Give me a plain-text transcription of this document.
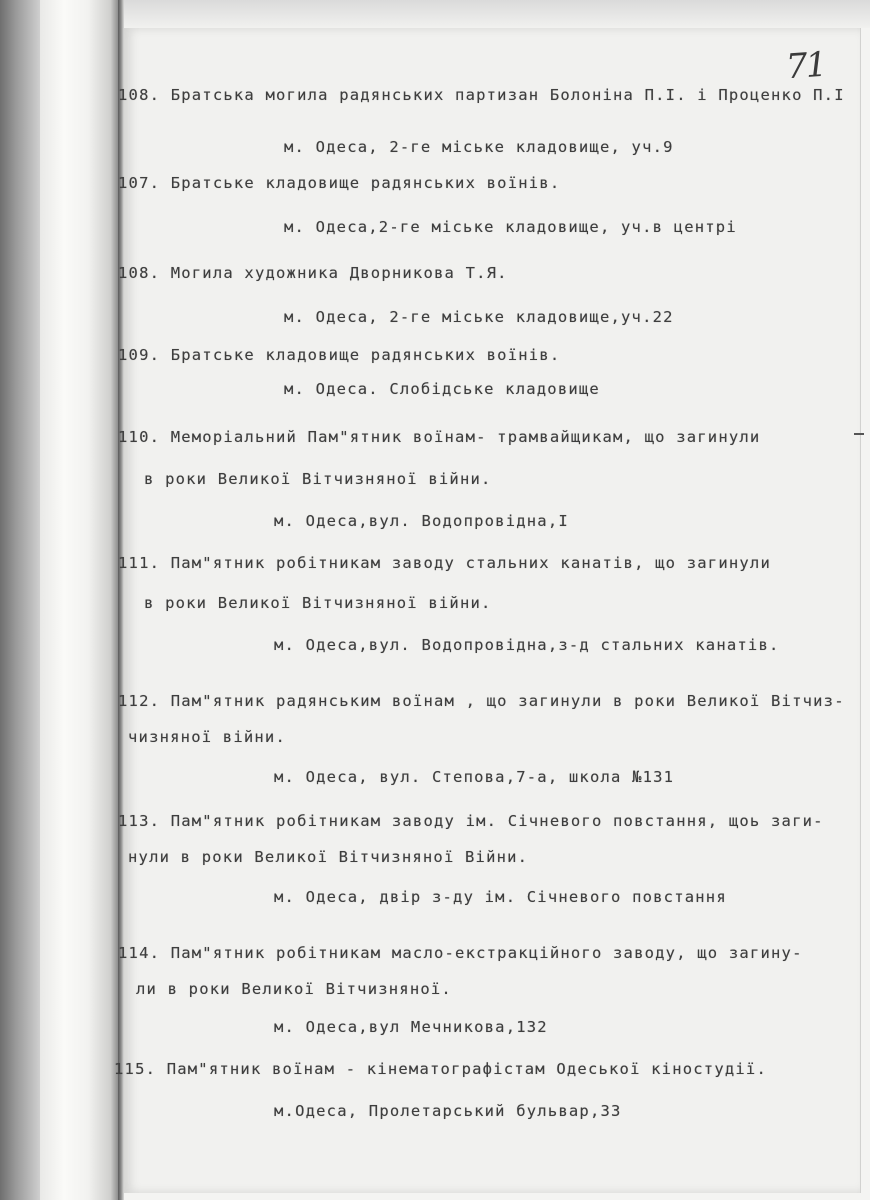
71
108. Братська могила радянських партизан Болоніна П.І. і Проценко П.І
м. Одеса, 2-ге міське кладовище, уч.9
107. Братське кладовище радянських воїнів.
м. Одеса,2-ге міське кладовище, уч.в центрі
108. Могила художника Дворникова Т.Я.
м. Одеса, 2-ге міське кладовище,уч.22
109. Братське кладовище радянських воїнів.
м. Одеса. Слобідське кладовище
110. Меморіальний Пам"ятник воїнам- трамвайщикам, що загинули
в роки Великої Вітчизняної війни.
м. Одеса,вул. Водопровідна,І
111. Пам"ятник робітникам заводу стальних канатів, що загинули
в роки Великої Вітчизняної війни.
м. Одеса,вул. Водопровідна,з-д стальних канатів.
112. Пам"ятник радянським воїнам , що загинули в роки Великої Вітчиз-
чизняної війни.
м. Одеса, вул. Степова,7-а, школа №131
113. Пам"ятник робітникам заводу ім. Січневого повстання, щоь заги-
нули в роки Великої Вітчизняної Війни.
м. Одеса, двір з-ду ім. Січневого повстання
114. Пам"ятник робітникам масло-екстракційного заводу, що загину-
ли в роки Великої Вітчизняної.
м. Одеса,вул Мечникова,132
115. Пам"ятник воїнам - кінематографістам Одеської кіностудії.
м.Одеса, Пролетарський бульвар,33
